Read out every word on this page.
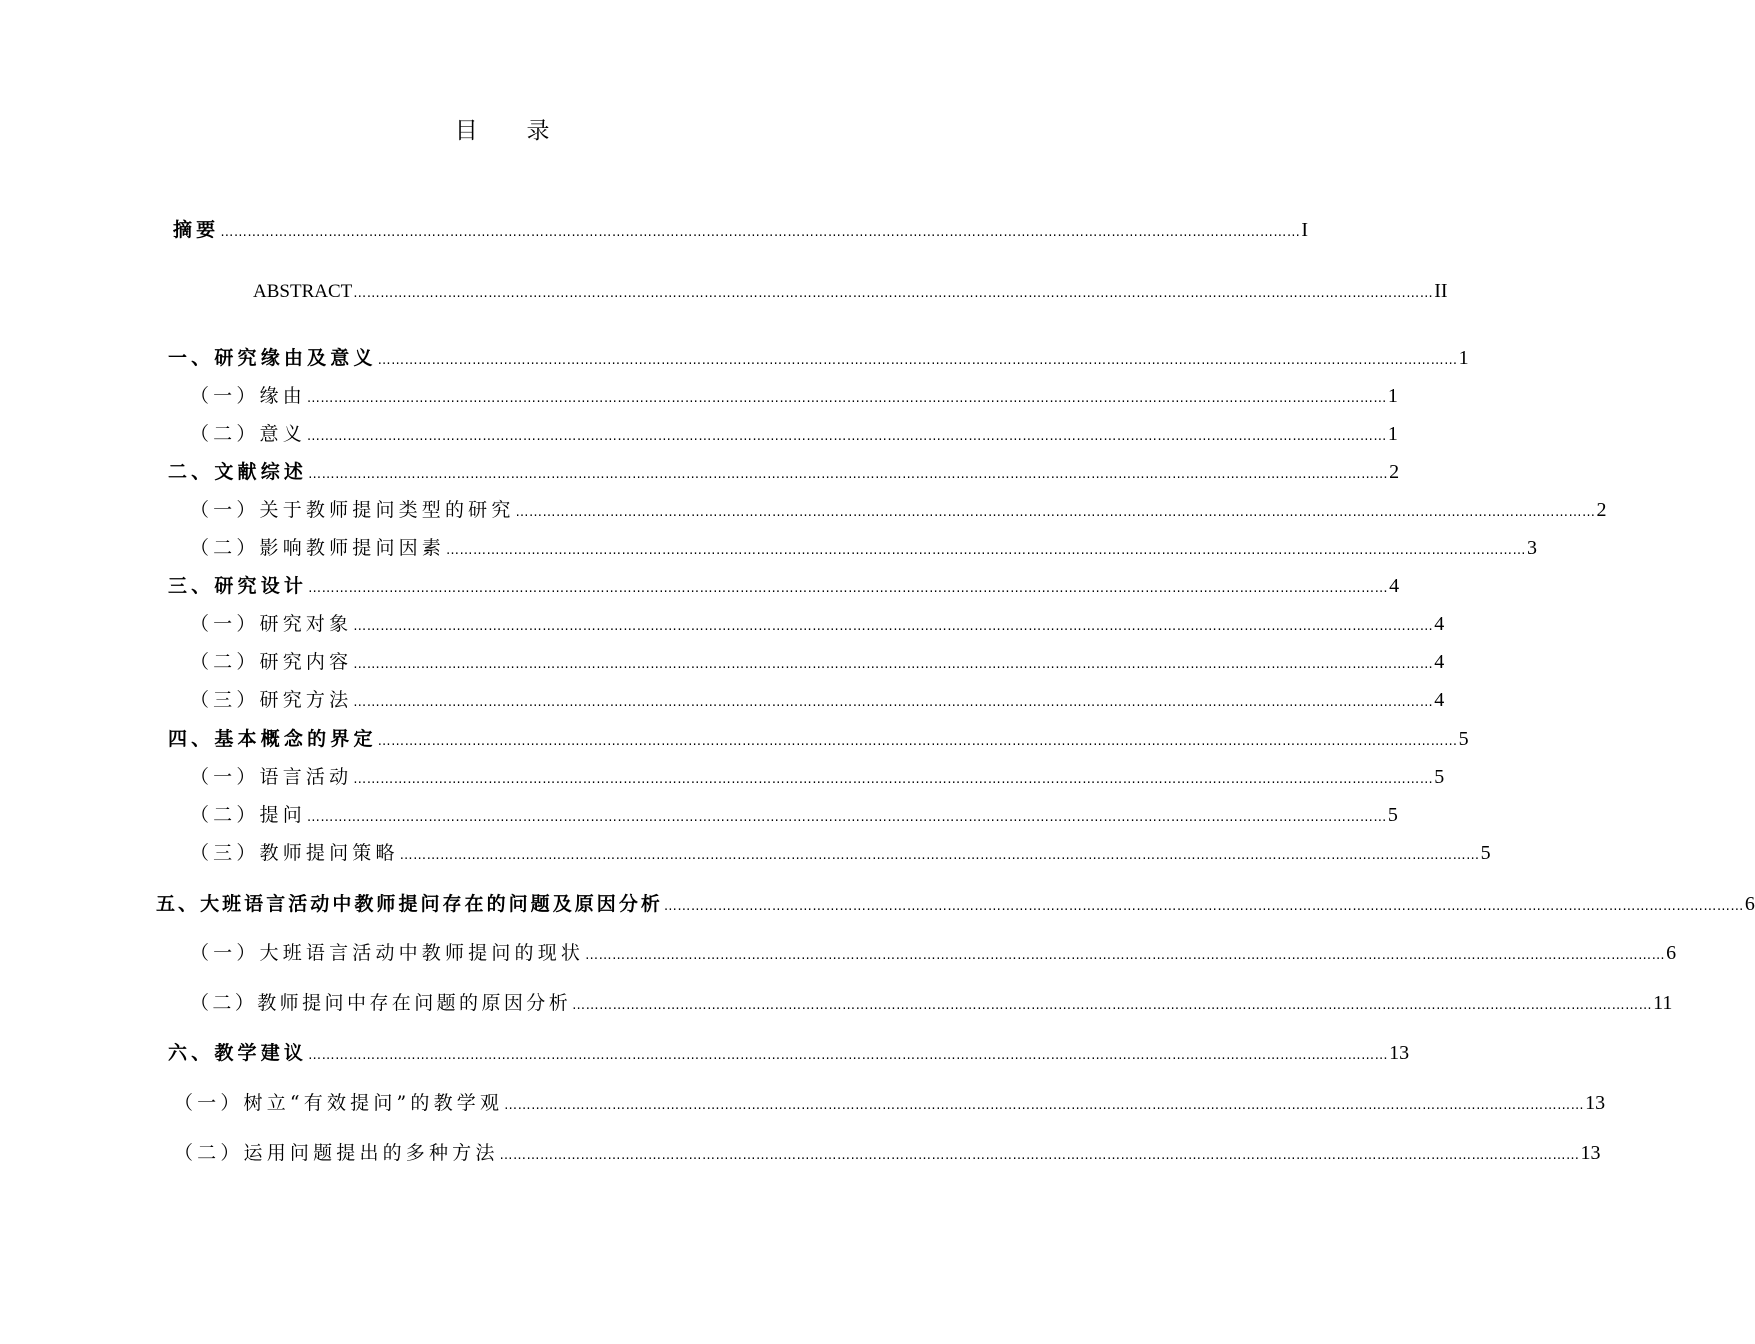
目 录
摘要 …………………………………………………………………………………………………………………………………………………………………………………………………………………… I
ABSTRACT …………………………………………………………………………………………………………………………………………………………………………………………………………………… II
一、研究缘由及意义 …………………………………………………………………………………………………………………………………………………………………………………………………………………… 1
（一）缘由 …………………………………………………………………………………………………………………………………………………………………………………………………………………… 1
（二）意义 …………………………………………………………………………………………………………………………………………………………………………………………………………………… 1
二、文献综述 …………………………………………………………………………………………………………………………………………………………………………………………………………………… 2
（一）关于教师提问类型的研究 …………………………………………………………………………………………………………………………………………………………………………………………………………………… 2
（二）影响教师提问因素 …………………………………………………………………………………………………………………………………………………………………………………………………………………… 3
三、研究设计 …………………………………………………………………………………………………………………………………………………………………………………………………………………… 4
（一）研究对象 …………………………………………………………………………………………………………………………………………………………………………………………………………………… 4
（二）研究内容 …………………………………………………………………………………………………………………………………………………………………………………………………………………… 4
（三）研究方法 …………………………………………………………………………………………………………………………………………………………………………………………………………………… 4
四、基本概念的界定 …………………………………………………………………………………………………………………………………………………………………………………………………………………… 5
（一）语言活动 …………………………………………………………………………………………………………………………………………………………………………………………………………………… 5
（二）提问 …………………………………………………………………………………………………………………………………………………………………………………………………………………… 5
（三）教师提问策略 …………………………………………………………………………………………………………………………………………………………………………………………………………………… 5
五、大班语言活动中教师提问存在的问题及原因分析 …………………………………………………………………………………………………………………………………………………………………………………………………………………… 6
（一）大班语言活动中教师提问的现状 …………………………………………………………………………………………………………………………………………………………………………………………………………………… 6
（二）教师提问中存在问题的原因分析 …………………………………………………………………………………………………………………………………………………………………………………………………………………… 11
六、教学建议 …………………………………………………………………………………………………………………………………………………………………………………………………………………… 13
（一）树立“有效提问”的教学观 …………………………………………………………………………………………………………………………………………………………………………………………………………………… 13
（二）运用问题提出的多种方法 …………………………………………………………………………………………………………………………………………………………………………………………………………………… 13
